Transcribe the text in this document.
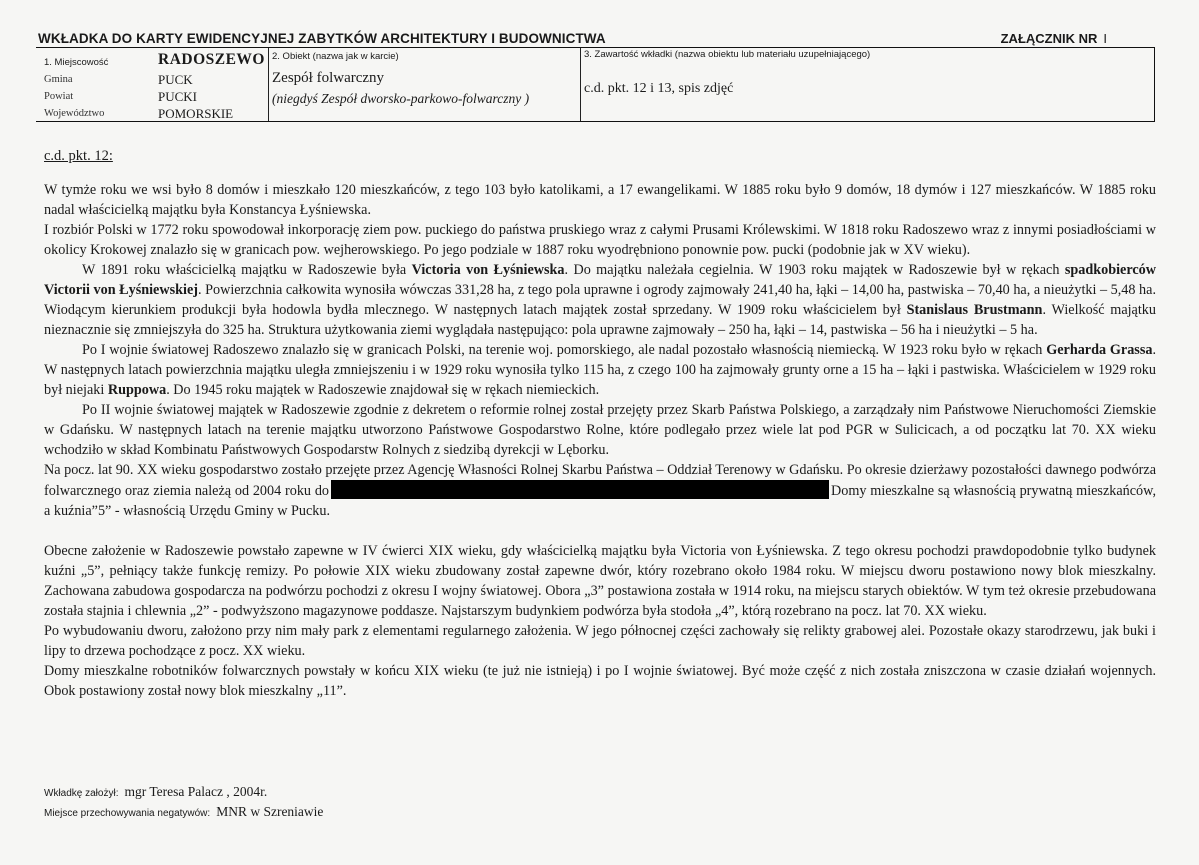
WKŁADKA DO KARTY EWIDENCYJNEJ ZABYTKÓW ARCHITEKTURY I BUDOWNICTWA	ZAŁĄCZNIK NR I
1. Miejscowość	RADOSZEWO
Gmina	PUCK
Powiat	PUCKI
Województwo	POMORSKIE
2. Obiekt (nazwa jak w karcie)
Zespół folwarczny
(niegdyś Zespół dworsko-parkowo-folwarczny )
3. Zawartość wkładki (nazwa obiektu lub materiału uzupełniającego)
c.d. pkt. 12 i 13, spis zdjęć
c.d. pkt. 12:

W tymże roku we wsi było 8 domów i mieszkało 120 mieszkańców, z tego 103 było katolikami, a 17 ewangelikami. W 1885 roku było 9 domów, 18 dymów i 127 mieszkańców. W 1885 roku nadal właścicielką majątku była Konstancya Łyśniewska.

I rozbiór Polski w 1772 roku spowodował inkorporację ziem pow. puckiego do państwa pruskiego wraz z całymi Prusami Królewskimi. W 1818 roku Radoszewo wraz z innymi posiadłościami w okolicy Krokowej znalazło się w granicach pow. wejherowskiego. Po jego podziale w 1887 roku wyodrębniono ponownie pow. pucki (podobnie jak w XV wieku).

W 1891 roku właścicielką majątku w Radoszewie była Victoria von Łyśniewska. Do majątku należała cegielnia. W 1903 roku majątek w Radoszewie był w rękach spadkobierców Victorii von Łyśniewskiej. Powierzchnia całkowita wynosiła wówczas 331,28 ha, z tego pola uprawne i ogrody zajmowały 241,40 ha, łąki – 14,00 ha, pastwiska – 70,40 ha, a nieużytki – 5,48 ha. Wiodącym kierunkiem produkcji była hodowla bydła mlecznego. W następnych latach majątek został sprzedany. W 1909 roku właścicielem był Stanislaus Brustmann. Wielkość majątku nieznacznie się zmniejszyła do 325 ha. Struktura użytkowania ziemi wyglądała następująco: pola uprawne zajmowały – 250 ha, łąki – 14, pastwiska – 56 ha i nieużytki – 5 ha.

Po I wojnie światowej Radoszewo znalazło się w granicach Polski, na terenie woj. pomorskiego, ale nadal pozostało własnością niemiecką. W 1923 roku było w rękach Gerharda Grassa. W następnych latach powierzchnia majątku uległa zmniejszeniu i w 1929 roku wynosiła tylko 115 ha, z czego 100 ha zajmowały grunty orne a 15 ha – łąki i pastwiska. Właścicielem w 1929 roku był niejaki Ruppowa. Do 1945 roku majątek w Radoszewie znajdował się w rękach niemieckich.

Po II wojnie światowej majątek w Radoszewie zgodnie z dekretem o reformie rolnej został przejęty przez Skarb Państwa Polskiego, a zarządzały nim Państwowe Nieruchomości Ziemskie w Gdańsku. W następnych latach na terenie majątku utworzono Państwowe Gospodarstwo Rolne, które podlegało przez wiele lat pod PGR w Sulicicach, a od początku lat 70. XX wieku wchodziło w skład Kombinatu Państwowych Gospodarstw Rolnych z siedzibą dyrekcji w Lęborku.

Na pocz. lat 90. XX wieku gospodarstwo zostało przejęte przez Agencję Własności Rolnej Skarbu Państwa – Oddział Terenowy w Gdańsku. Po okresie dzierżawy pozostałości dawnego podwórza folwarcznego oraz ziemia należą od 2004 roku do	Domy mieszkalne są własnością prywatną mieszkańców, a kuźnia”5” - własnością Urzędu Gminy w Pucku.

Obecne założenie w Radoszewie powstało zapewne w IV ćwierci XIX wieku, gdy właścicielką majątku była Victoria von Łyśniewska. Z tego okresu pochodzi prawdopodobnie tylko budynek kuźni „5”, pełniący także funkcję remizy. Po połowie XIX wieku zbudowany został zapewne dwór, który rozebrano około 1984 roku. W miejscu dworu postawiono nowy blok mieszkalny. Zachowana zabudowa gospodarcza na podwórzu pochodzi z okresu I wojny światowej. Obora „3” postawiona została w 1914 roku, na miejscu starych obiektów. W tym też okresie przebudowana została stajnia i chlewnia „2” - podwyższono magazynowe poddasze. Najstarszym budynkiem podwórza była stodoła „4”, którą rozebrano na pocz. lat 70. XX wieku.

Po wybudowaniu dworu, założono przy nim mały park z elementami regularnego założenia. W jego północnej części zachowały się relikty grabowej alei. Pozostałe okazy starodrzewu, jak buki i lipy to drzewa pochodzące z pocz. XX wieku.

Domy mieszkalne robotników folwarcznych powstały w końcu XIX wieku (te już nie istnieją) i po I wojnie światowej. Być może część z nich została zniszczona w czasie działań wojennych. Obok postawiony został nowy blok mieszkalny „11”.

Wkładkę założył: mgr Teresa Palacz , 2004r.
Miejsce przechowywania negatywów: MNR w Szreniawie
